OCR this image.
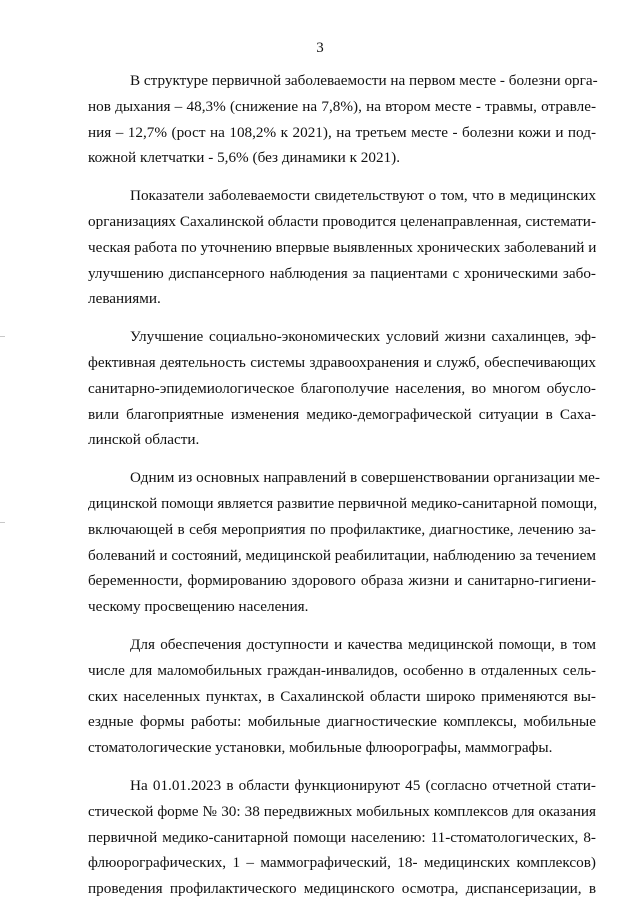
3

В структуре первичной заболеваемости на первом месте - болезни орга-
нов дыхания – 48,3% (снижение на 7,8%), на втором месте - травмы, отравле-
ния – 12,7% (рост на 108,2% к 2021), на третьем месте - болезни кожи и под-
кожной клетчатки - 5,6% (без динамики к 2021).

Показатели заболеваемости свидетельствуют о том, что в медицинских
организациях Сахалинской области проводится целенаправленная, системати-
ческая работа по уточнению впервые выявленных хронических заболеваний и
улучшению диспансерного наблюдения за пациентами с хроническими забо-
леваниями.

Улучшение социально-экономических условий жизни сахалинцев, эф-
фективная деятельность системы здравоохранения и служб, обеспечивающих
санитарно-эпидемиологическое благополучие населения, во многом обусло-
вили благоприятные изменения медико-демографической ситуации в Саха-
линской области.

Одним из основных направлений в совершенствовании организации ме-
дицинской помощи является развитие первичной медико-санитарной помощи,
включающей в себя мероприятия по профилактике, диагностике, лечению за-
болеваний и состояний, медицинской реабилитации, наблюдению за течением
беременности, формированию здорового образа жизни и санитарно-гигиени-
ческому просвещению населения.

Для обеспечения доступности и качества медицинской помощи, в том
числе для маломобильных граждан-инвалидов, особенно в отдаленных сель-
ских населенных пунктах, в Сахалинской области широко применяются вы-
ездные формы работы: мобильные диагностические комплексы, мобильные
стоматологические установки, мобильные флюорографы, маммографы.

На 01.01.2023 в области функционируют 45 (согласно отчетной стати-
стической форме № 30: 38 передвижных мобильных комплексов для оказания
первичной медико-санитарной помощи населению: 11-стоматологических, 8-
флюорографических, 1 – маммографический, 18- медицинских комплексов)
проведения профилактического медицинского осмотра, диспансеризации, в
